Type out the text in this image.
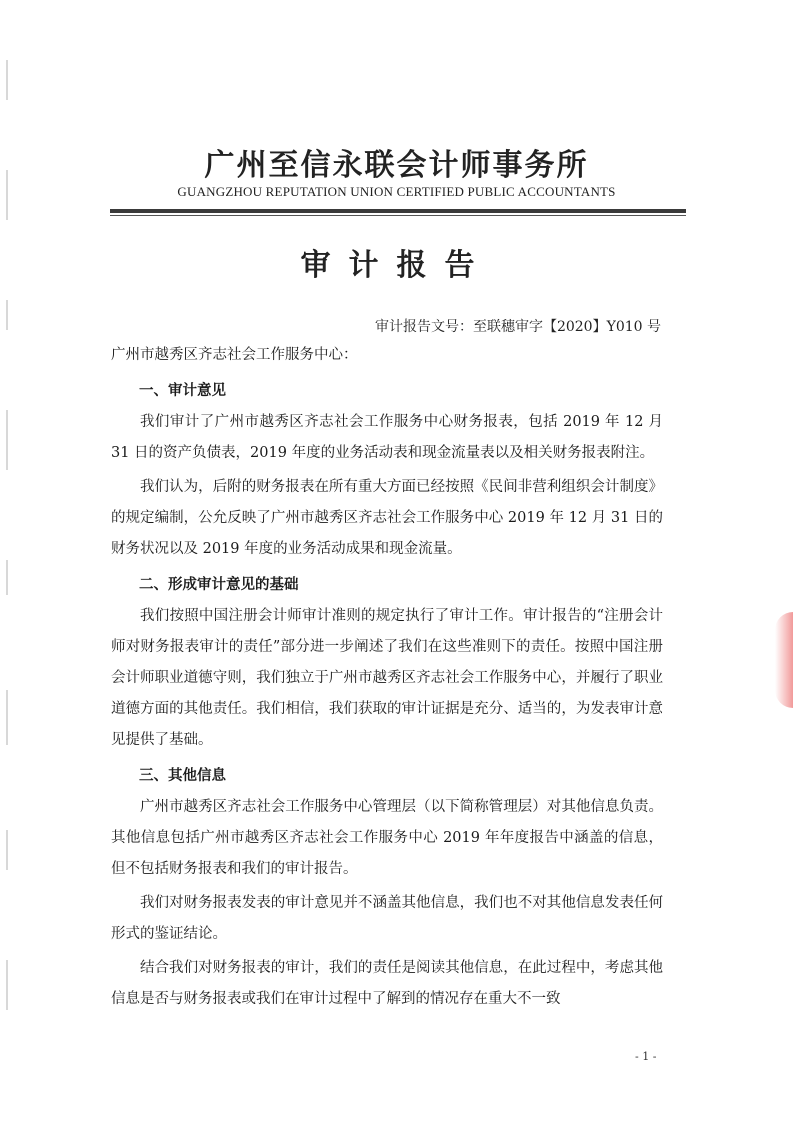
广州至信永联会计师事务所
GUANGZHOU REPUTATION UNION CERTIFIED PUBLIC ACCOUNTANTS
审计报告
审计报告文号：至联穗审字【2020】Y010 号

广州市越秀区齐志社会工作服务中心：

一、审计意见

我们审计了广州市越秀区齐志社会工作服务中心财务报表，包括 2019 年 12 月 31 日的资产负债表，2019 年度的业务活动表和现金流量表以及相关财务报表附注。

我们认为，后附的财务报表在所有重大方面已经按照《民间非营利组织会计制度》的规定编制，公允反映了广州市越秀区齐志社会工作服务中心 2019 年 12 月 31 日的财务状况以及 2019 年度的业务活动成果和现金流量。

二、形成审计意见的基础

我们按照中国注册会计师审计准则的规定执行了审计工作。审计报告的“注册会计师对财务报表审计的责任”部分进一步阐述了我们在这些准则下的责任。按照中国注册会计师职业道德守则，我们独立于广州市越秀区齐志社会工作服务中心，并履行了职业道德方面的其他责任。我们相信，我们获取的审计证据是充分、适当的，为发表审计意见提供了基础。

三、其他信息

广州市越秀区齐志社会工作服务中心管理层（以下简称管理层）对其他信息负责。其他信息包括广州市越秀区齐志社会工作服务中心 2019 年年度报告中涵盖的信息，但不包括财务报表和我们的审计报告。

我们对财务报表发表的审计意见并不涵盖其他信息，我们也不对其他信息发表任何形式的鉴证结论。

结合我们对财务报表的审计，我们的责任是阅读其他信息，在此过程中，考虑其他信息是否与财务报表或我们在审计过程中了解到的情况存在重大不一致

- 1 -
